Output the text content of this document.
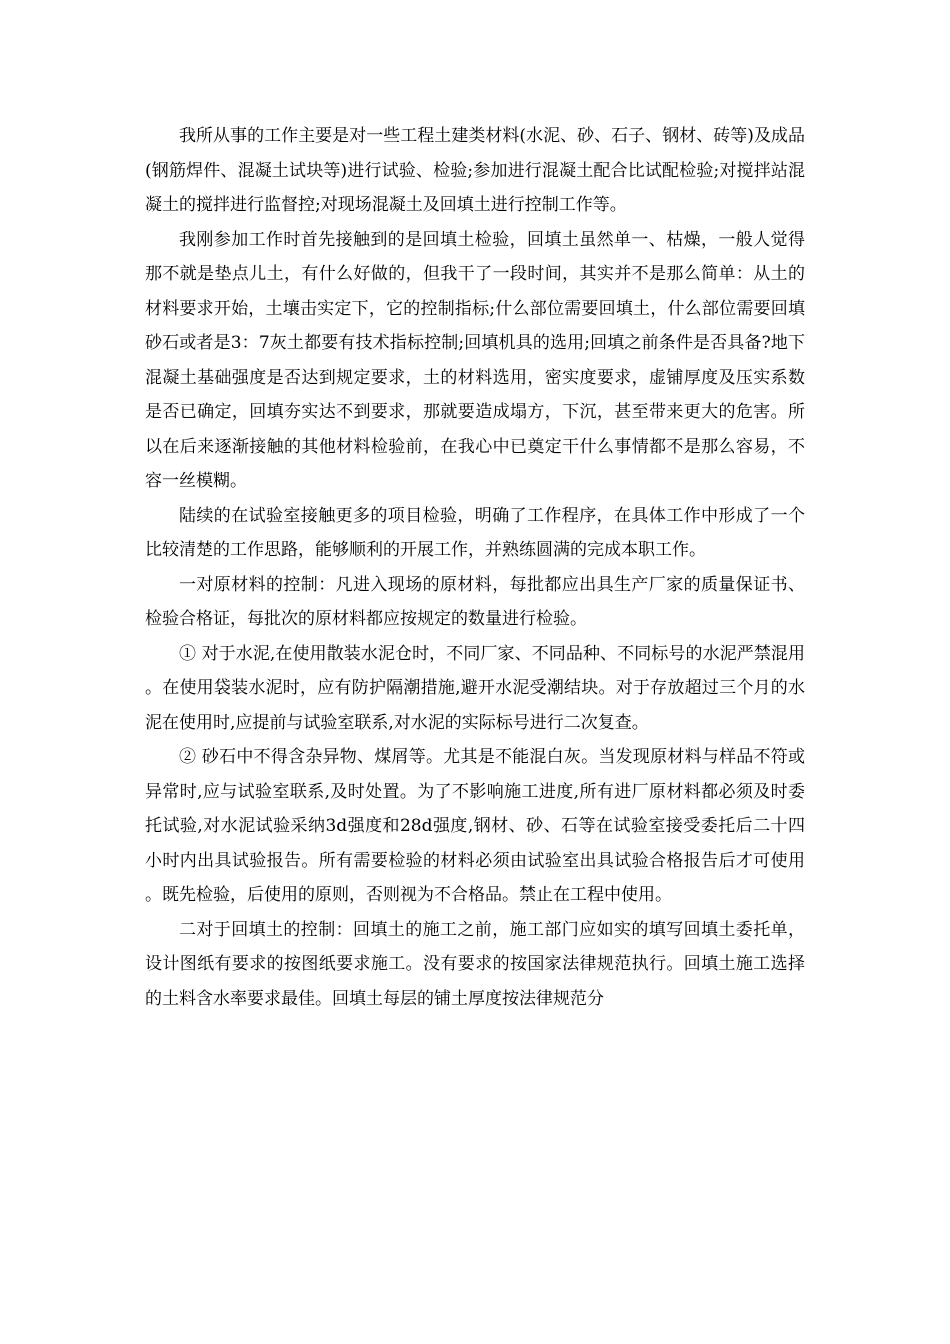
我所从事的工作主要是对一些工程土建类材料(水泥、砂、石子、钢材、砖等)及成品(钢筋焊件、混凝土试块等)进行试验、检验;参加进行混凝土配合比试配检验;对搅拌站混凝土的搅拌进行监督控;对现场混凝土及回填土进行控制工作等。

我刚参加工作时首先接触到的是回填土检验，回填土虽然单一、枯燥，一般人觉得那不就是垫点儿土，有什么好做的，但我干了一段时间，其实并不是那么简单：从土的材料要求开始，土壤击实定下，它的控制指标;什么部位需要回填土，什么部位需要回填砂石或者是3：7灰土都要有技术指标控制;回填机具的选用;回填之前条件是否具备?地下混凝土基础强度是否达到规定要求，土的材料选用，密实度要求，虚铺厚度及压实系数是否已确定，回填夯实达不到要求，那就要造成塌方，下沉，甚至带来更大的危害。所以在后来逐渐接触的其他材料检验前，在我心中已奠定干什么事情都不是那么容易，不容一丝模糊。

陆续的在试验室接触更多的项目检验，明确了工作程序，在具体工作中形成了一个比较清楚的工作思路，能够顺利的开展工作，并熟练圆满的完成本职工作。

一对原材料的控制：凡进入现场的原材料，每批都应出具生产厂家的质量保证书、检验合格证，每批次的原材料都应按规定的数量进行检验。

① 对于水泥,在使用散装水泥仓时，不同厂家、不同品种、不同标号的水泥严禁混用。在使用袋装水泥时，应有防护隔潮措施,避开水泥受潮结块。对于存放超过三个月的水泥在使用时,应提前与试验室联系,对水泥的实际标号进行二次复查。

② 砂石中不得含杂异物、煤屑等。尤其是不能混白灰。当发现原材料与样品不符或异常时,应与试验室联系,及时处置。为了不影响施工进度,所有进厂原材料都必须及时委托试验,对水泥试验采纳3d强度和28d强度,钢材、砂、石等在试验室接受委托后二十四小时内出具试验报告。所有需要检验的材料必须由试验室出具试验合格报告后才可使用。既先检验，后使用的原则，否则视为不合格品。禁止在工程中使用。

二对于回填土的控制：回填土的施工之前，施工部门应如实的填写回填土委托单，设计图纸有要求的按图纸要求施工。没有要求的按国家法律规范执行。回填土施工选择的土料含水率要求最佳。回填土每层的铺土厚度按法律规范分
